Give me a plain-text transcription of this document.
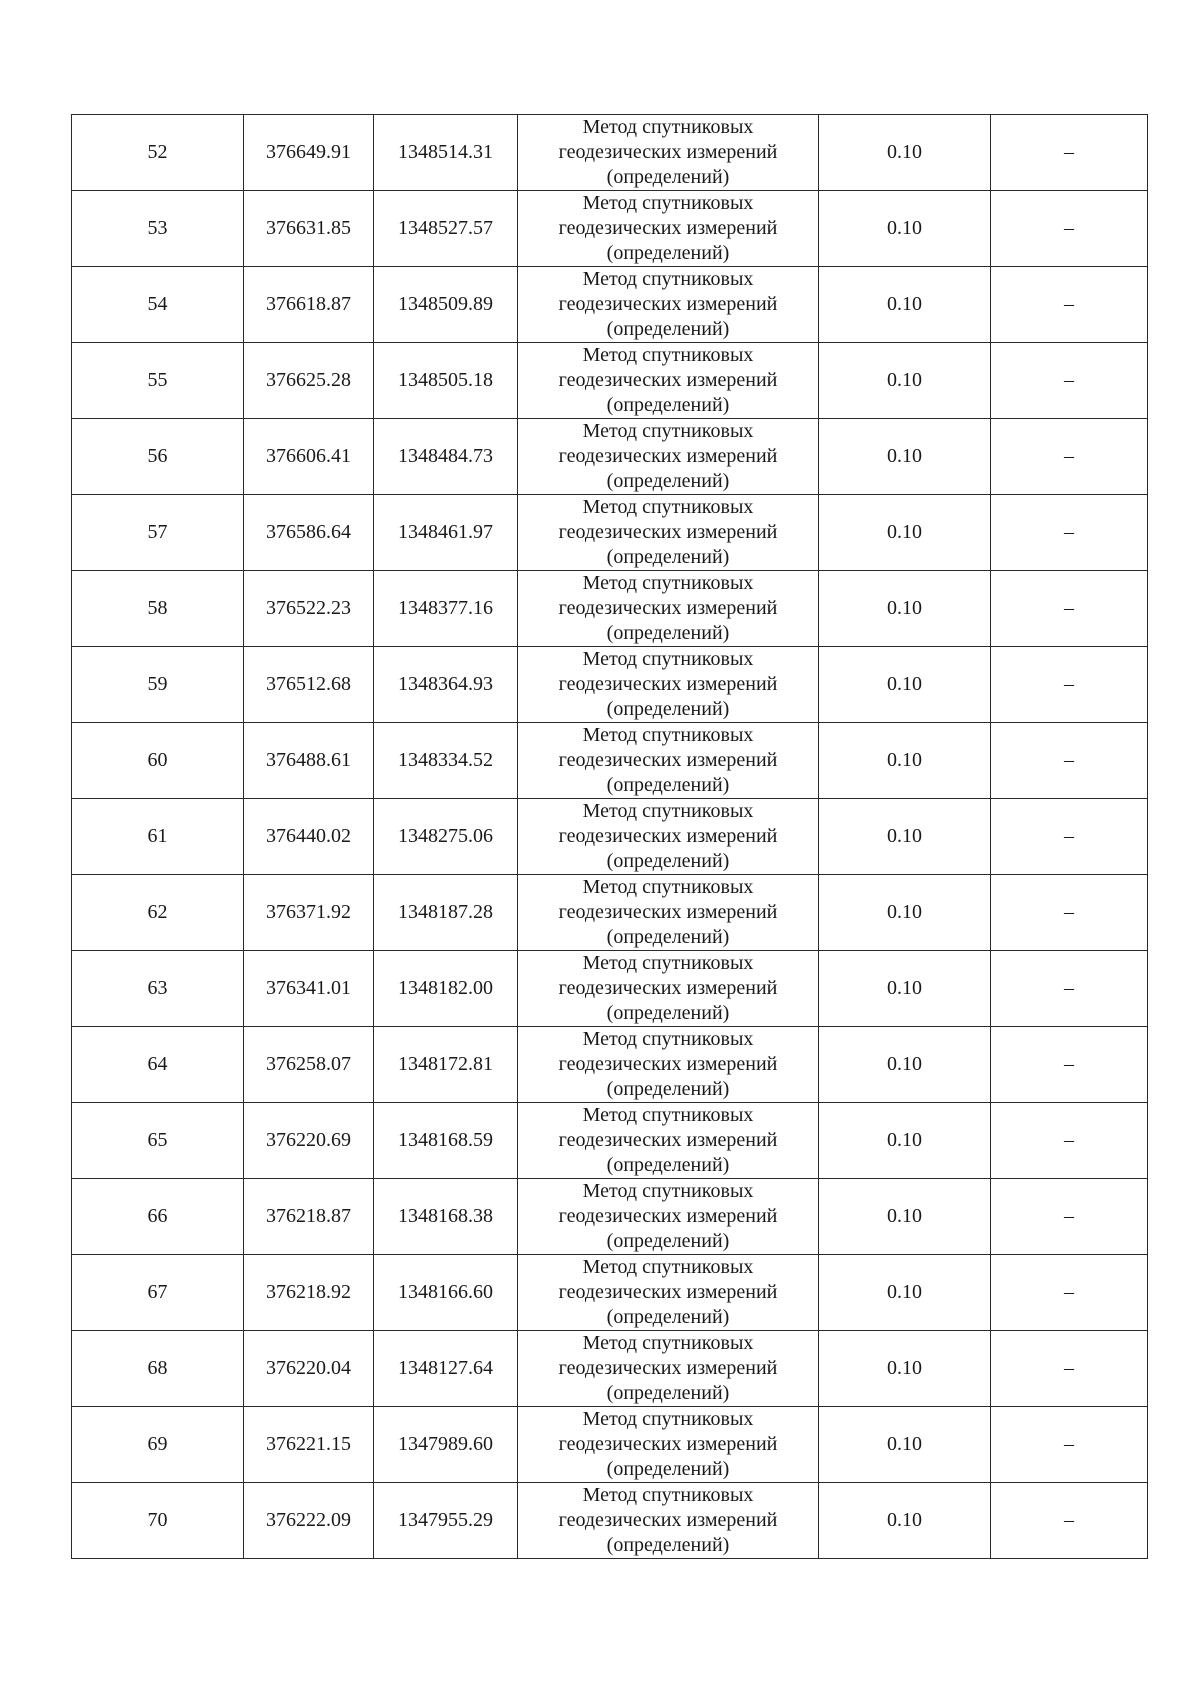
52	376649.91	1348514.31	Метод спутниковых
геодезических измерений
(определений)	0.10	–
53	376631.85	1348527.57	Метод спутниковых
геодезических измерений
(определений)	0.10	–
54	376618.87	1348509.89	Метод спутниковых
геодезических измерений
(определений)	0.10	–
55	376625.28	1348505.18	Метод спутниковых
геодезических измерений
(определений)	0.10	–
56	376606.41	1348484.73	Метод спутниковых
геодезических измерений
(определений)	0.10	–
57	376586.64	1348461.97	Метод спутниковых
геодезических измерений
(определений)	0.10	–
58	376522.23	1348377.16	Метод спутниковых
геодезических измерений
(определений)	0.10	–
59	376512.68	1348364.93	Метод спутниковых
геодезических измерений
(определений)	0.10	–
60	376488.61	1348334.52	Метод спутниковых
геодезических измерений
(определений)	0.10	–
61	376440.02	1348275.06	Метод спутниковых
геодезических измерений
(определений)	0.10	–
62	376371.92	1348187.28	Метод спутниковых
геодезических измерений
(определений)	0.10	–
63	376341.01	1348182.00	Метод спутниковых
геодезических измерений
(определений)	0.10	–
64	376258.07	1348172.81	Метод спутниковых
геодезических измерений
(определений)	0.10	–
65	376220.69	1348168.59	Метод спутниковых
геодезических измерений
(определений)	0.10	–
66	376218.87	1348168.38	Метод спутниковых
геодезических измерений
(определений)	0.10	–
67	376218.92	1348166.60	Метод спутниковых
геодезических измерений
(определений)	0.10	–
68	376220.04	1348127.64	Метод спутниковых
геодезических измерений
(определений)	0.10	–
69	376221.15	1347989.60	Метод спутниковых
геодезических измерений
(определений)	0.10	–
70	376222.09	1347955.29	Метод спутниковых
геодезических измерений
(определений)	0.10	–
